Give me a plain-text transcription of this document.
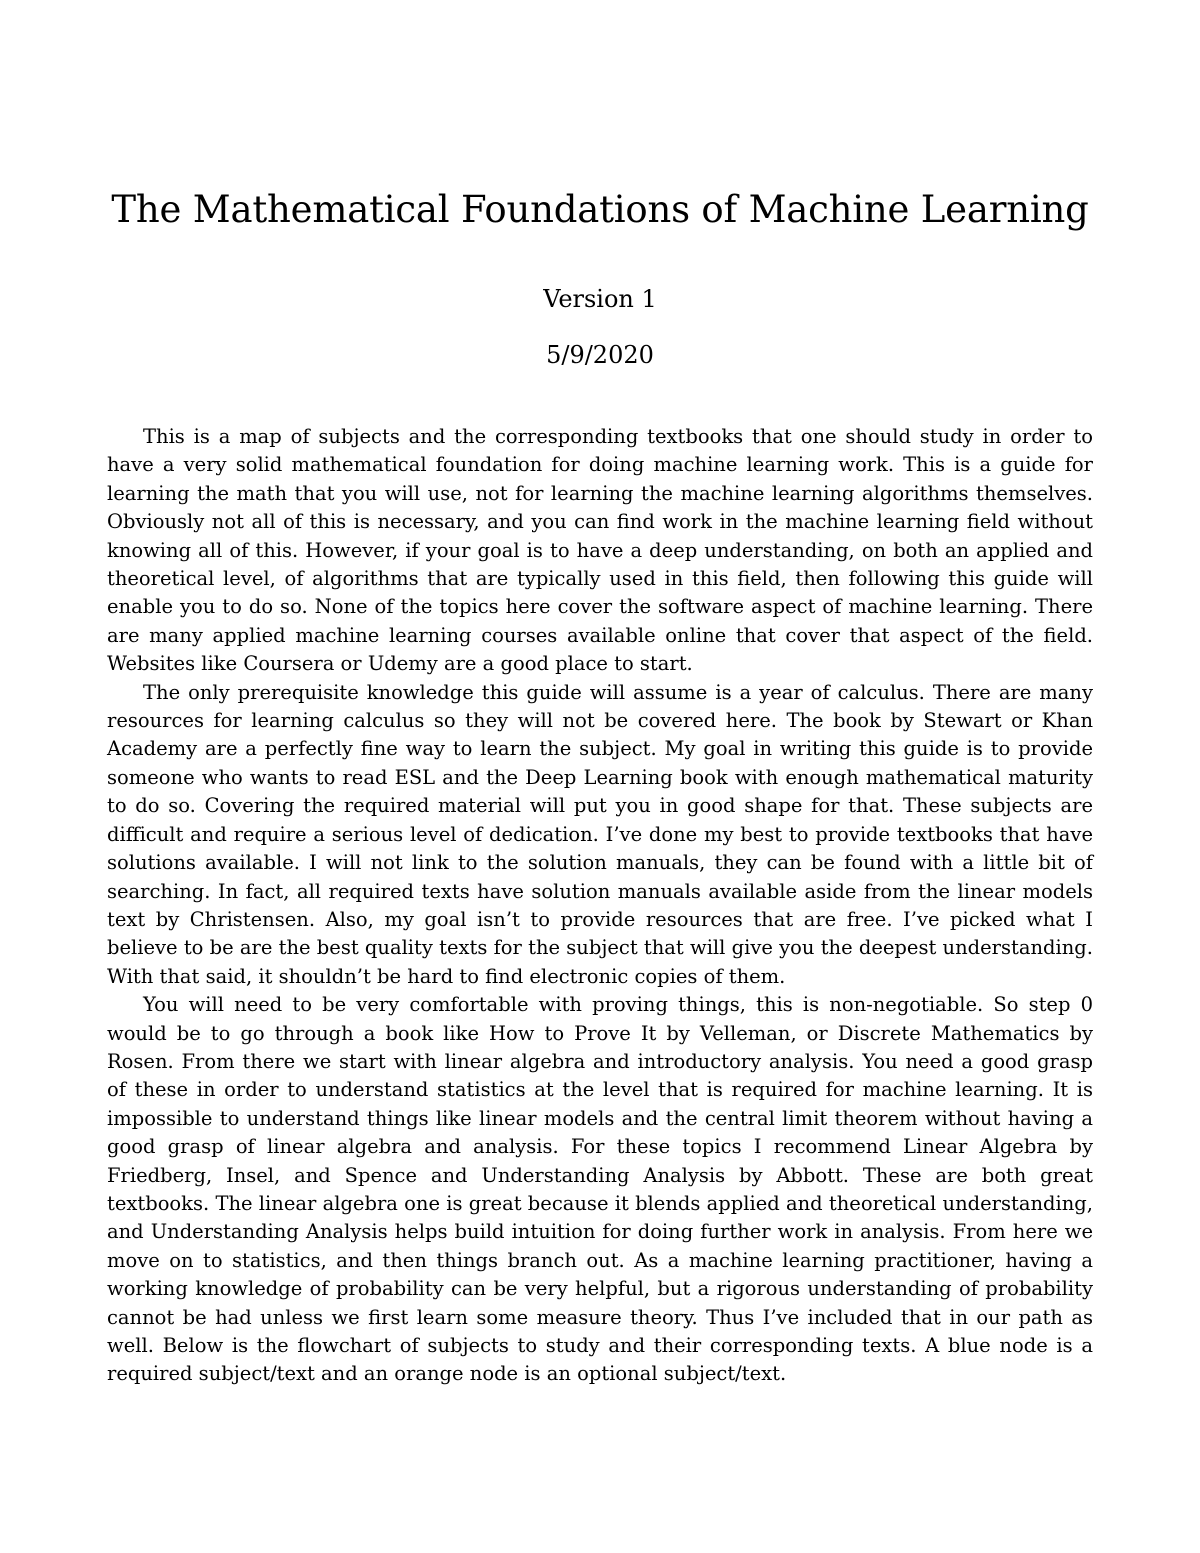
The Mathematical Foundations of Machine Learning
Version 1
5/9/2020

This is a map of subjects and the corresponding textbooks that one should study in order to have a very solid mathematical foundation for doing machine learning work. This is a guide for learning the math that you will use, not for learning the machine learning algorithms themselves. Obviously not all of this is necessary, and you can find work in the machine learning field without knowing all of this. However, if your goal is to have a deep understanding, on both an applied and theoretical level, of algorithms that are typically used in this field, then following this guide will enable you to do so. None of the topics here cover the software aspect of machine learning. There are many applied machine learning courses available online that cover that aspect of the field. Websites like Coursera or Udemy are a good place to start.

The only prerequisite knowledge this guide will assume is a year of calculus. There are many resources for learning calculus so they will not be covered here. The book by Stewart or Khan Academy are a perfectly fine way to learn the subject. My goal in writing this guide is to provide someone who wants to read ESL and the Deep Learning book with enough mathematical maturity to do so. Covering the required material will put you in good shape for that. These subjects are difficult and require a serious level of dedication. I’ve done my best to provide textbooks that have solutions available. I will not link to the solution manuals, they can be found with a little bit of searching. In fact, all required texts have solution manuals available aside from the linear models text by Christensen. Also, my goal isn’t to provide resources that are free. I’ve picked what I believe to be are the best quality texts for the subject that will give you the deepest understanding. With that said, it shouldn’t be hard to find electronic copies of them.

You will need to be very comfortable with proving things, this is non-negotiable. So step 0 would be to go through a book like How to Prove It by Velleman, or Discrete Mathematics by Rosen. From there we start with linear algebra and introductory analysis. You need a good grasp of these in order to understand statistics at the level that is required for machine learning. It is impossible to understand things like linear models and the central limit theorem without having a good grasp of linear algebra and analysis. For these topics I recommend Linear Algebra by Friedberg, Insel, and Spence and Understanding Analysis by Abbott. These are both great textbooks. The linear algebra one is great because it blends applied and theoretical understanding, and Understanding Analysis helps build intuition for doing further work in analysis. From here we move on to statistics, and then things branch out. As a machine learning practitioner, having a working knowledge of probability can be very helpful, but a rigorous understanding of probability cannot be had unless we first learn some measure theory. Thus I’ve included that in our path as well. Below is the flowchart of subjects to study and their corresponding texts. A blue node is a required subject/text and an orange node is an optional subject/text.
